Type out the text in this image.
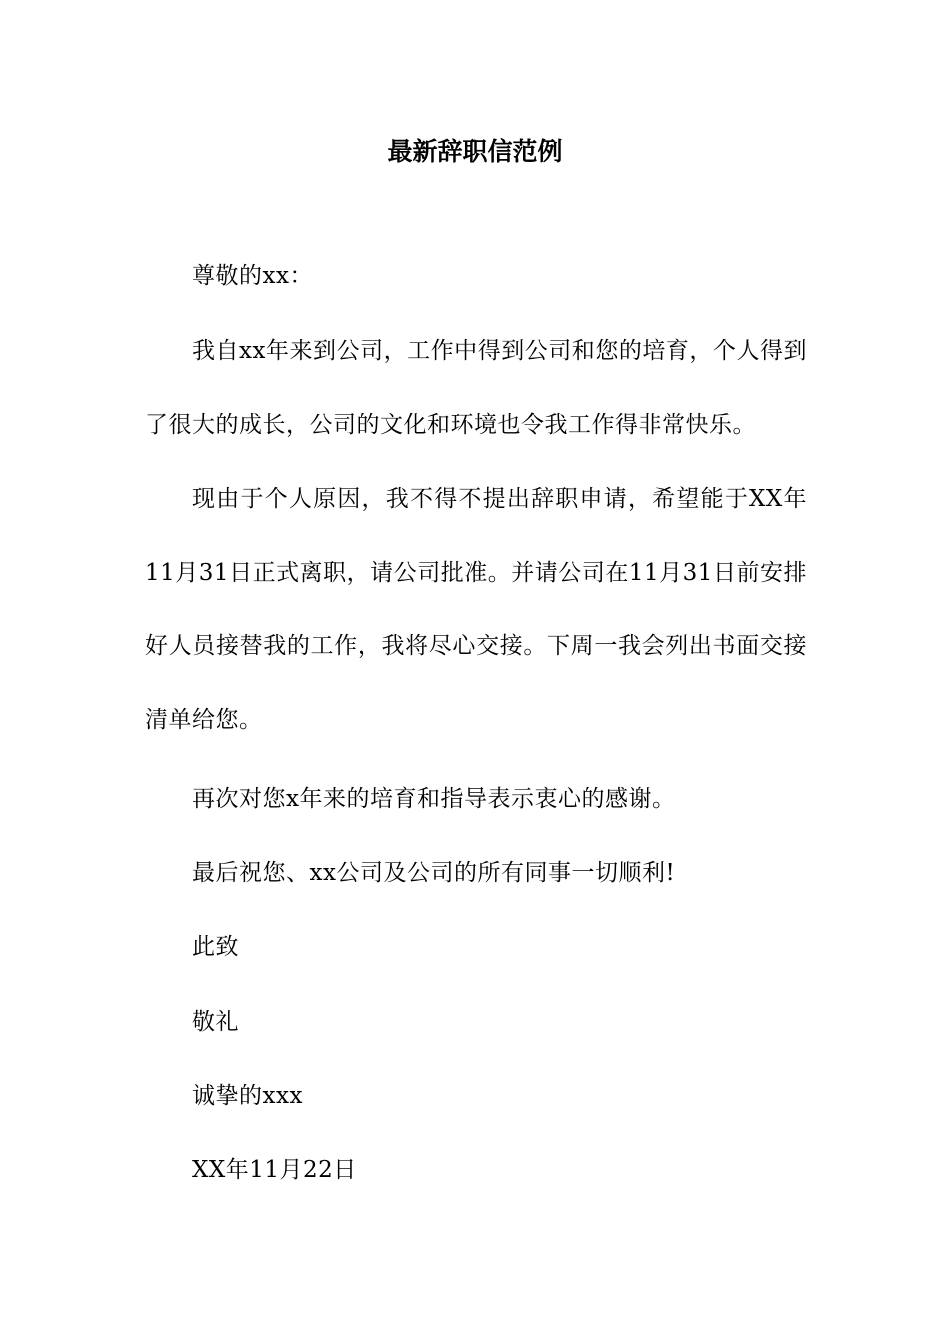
最新辞职信范例

尊敬的xx：

我自xx年来到公司，工作中得到公司和您的培育，个人得到了很大的成长，公司的文化和环境也令我工作得非常快乐。

现由于个人原因，我不得不提出辞职申请，希望能于XX年11月31日正式离职，请公司批准。并请公司在11月31日前安排好人员接替我的工作，我将尽心交接。下周一我会列出书面交接清单给您。

再次对您x年来的培育和指导表示衷心的感谢。

最后祝您、xx公司及公司的所有同事一切顺利!

此致

敬礼

诚挚的xxx

XX年11月22日
